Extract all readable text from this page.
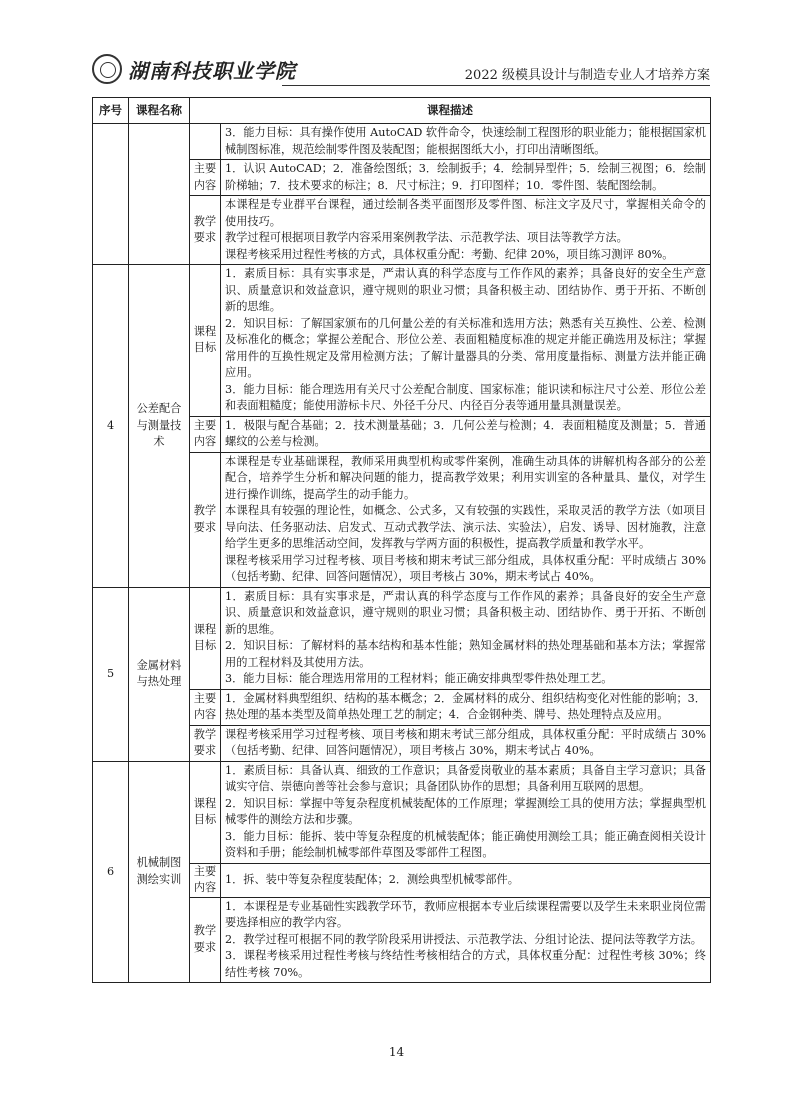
湖南科技职业学院	2022 级模具设计与制造专业人才培养方案
序号	课程名称	课程描述	

			3．能力目标：具有操作使用 AutoCAD 软件命令，快速绘制工程图形的职业能力；能根据国家机械制图标准，规范绘制零件图及装配图；能根据图纸大小，打印出清晰图纸。

		主要内容	1．认识 AutoCAD；2．准备绘图纸；3．绘制扳手；4．绘制异型件；5．绘制三视图；6．绘制阶梯轴；7．技术要求的标注；8．尺寸标注；9．打印图样；10．零件图、装配图绘制。

		教学要求	本课程是专业群平台课程，通过绘制各类平面图形及零件图、标注文字及尺寸，掌握相关命令的使用技巧。

教学过程可根据项目教学内容采用案例教学法、示范教学法、项目法等教学方法。

课程考核采用过程性考核的方式，具体权重分配：考勤、纪律 20%，项目练习测评 80%。

4	公差配合与测量技术	课程目标	1．素质目标：具有实事求是，严肃认真的科学态度与工作作风的素养；具备良好的安全生产意识、质量意识和效益意识，遵守规则的职业习惯；具备积极主动、团结协作、勇于开拓、不断创新的思维。

2．知识目标：了解国家颁布的几何量公差的有关标准和选用方法；熟悉有关互换性、公差、检测及标准化的概念；掌握公差配合、形位公差、表面粗糙度标准的规定并能正确选用及标注；掌握常用件的互换性规定及常用检测方法；了解计量器具的分类、常用度量指标、测量方法并能正确应用。

3．能力目标：能合理选用有关尺寸公差配合制度、国家标准；能识读和标注尺寸公差、形位公差和表面粗糙度；能使用游标卡尺、外径千分尺、内径百分表等通用量具测量误差。

		主要内容	1．极限与配合基础；2．技术测量基础；3．几何公差与检测；4．表面粗糙度及测量；5．普通螺纹的公差与检测。

		教学要求	本课程是专业基础课程，教师采用典型机构或零件案例，准确生动具体的讲解机构各部分的公差配合，培养学生分析和解决问题的能力，提高教学效果；利用实训室的各种量具、量仪，对学生进行操作训练，提高学生的动手能力。

本课程具有较强的理论性，如概念、公式多，又有较强的实践性，采取灵活的教学方法（如项目导向法、任务驱动法、启发式、互动式教学法、演示法、实验法），启发、诱导、因材施教，注意给学生更多的思维活动空间，发挥教与学两方面的积极性，提高教学质量和教学水平。

课程考核采用学习过程考核、项目考核和期末考试三部分组成，具体权重分配：平时成绩占 30%（包括考勤、纪律、回答问题情况），项目考核占 30%，期末考试占 40%。

5	金属材料与热处理	课程目标	1．素质目标：具有实事求是，严肃认真的科学态度与工作作风的素养；具备良好的安全生产意识、质量意识和效益意识，遵守规则的职业习惯；具备积极主动、团结协作、勇于开拓、不断创新的思维。

2．知识目标：了解材料的基本结构和基本性能；熟知金属材料的热处理基础和基本方法；掌握常用的工程材料及其使用方法。

3．能力目标：能合理选用常用的工程材料；能正确安排典型零件热处理工艺。

		主要内容	1．金属材料典型组织、结构的基本概念；2．金属材料的成分、组织结构变化对性能的影响；3．热处理的基本类型及简单热处理工艺的制定；4．合金钢种类、牌号、热处理特点及应用。

		教学要求	课程考核采用学习过程考核、项目考核和期末考试三部分组成，具体权重分配：平时成绩占 30%（包括考勤、纪律、回答问题情况），项目考核占 30%，期末考试占 40%。

6	机械制图测绘实训	课程目标	1．素质目标：具备认真、细致的工作意识；具备爱岗敬业的基本素质；具备自主学习意识；具备诚实守信、崇德向善等社会参与意识；具备团队协作的思想；具备利用互联网的思想。

2．知识目标：掌握中等复杂程度机械装配体的工作原理；掌握测绘工具的使用方法；掌握典型机械零件的测绘方法和步骤。

3．能力目标：能拆、装中等复杂程度的机械装配体；能正确使用测绘工具；能正确查阅相关设计资料和手册；能绘制机械零部件草图及零部件工程图。

		主要内容	1．拆、装中等复杂程度装配体；2．测绘典型机械零部件。

		教学要求	1．本课程是专业基础性实践教学环节，教师应根据本专业后续课程需要以及学生未来职业岗位需要选择相应的教学内容。

2．教学过程可根据不同的教学阶段采用讲授法、示范教学法、分组讨论法、提问法等教学方法。

3．课程考核采用过程性考核与终结性考核相结合的方式，具体权重分配：过程性考核 30%；终结性考核 70%。

14
